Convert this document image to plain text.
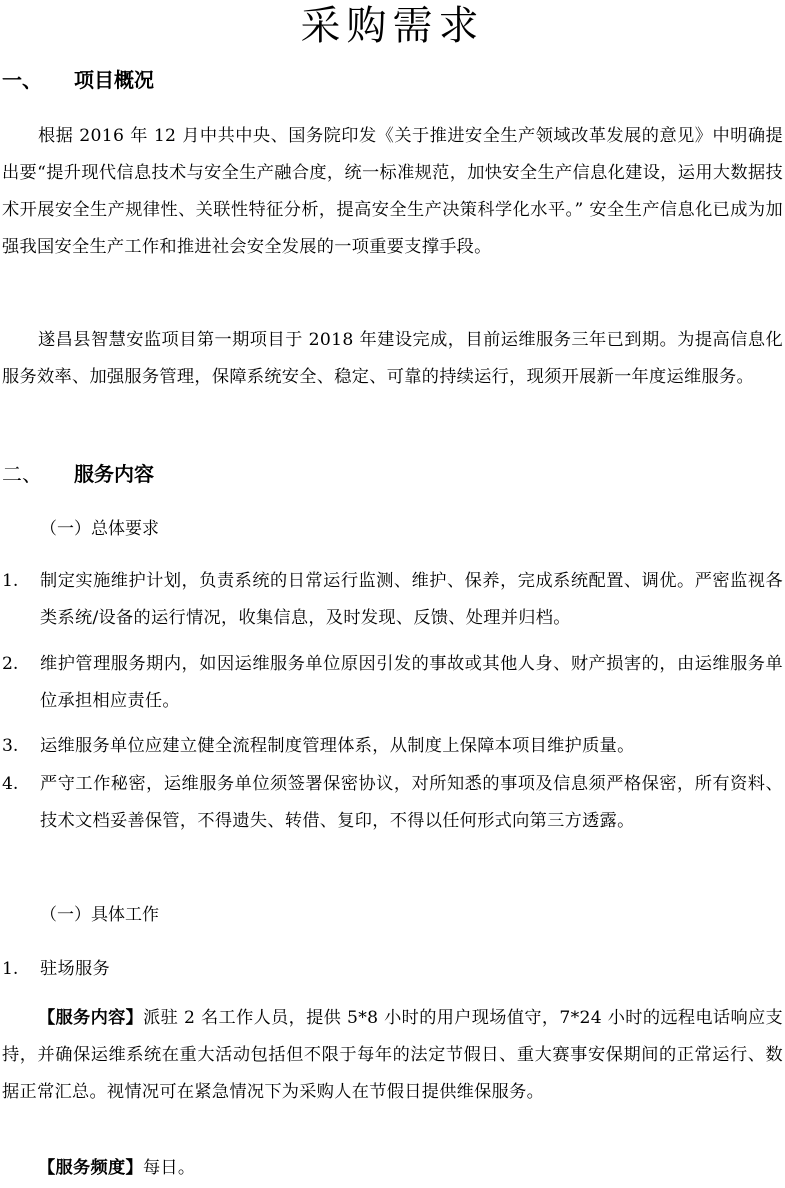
采购需求
一、 项目概况
根据 2016 年 12 月中共中央、国务院印发《关于推进安全生产领域改革发展的意见》中明确提出要“提升现代信息技术与安全生产融合度，统一标准规范，加快安全生产信息化建设，运用大数据技术开展安全生产规律性、关联性特征分析，提高安全生产决策科学化水平。” 安全生产信息化已成为加强我国安全生产工作和推进社会安全发展的一项重要支撑手段。
遂昌县智慧安监项目第一期项目于 2018 年建设完成，目前运维服务三年已到期。为提高信息化服务效率、加强服务管理，保障系统安全、稳定、可靠的持续运行，现须开展新一年度运维服务。
二、 服务内容
（一）总体要求
1.	制定实施维护计划，负责系统的日常运行监测、维护、保养，完成系统配置、调优。严密监视各类系统/设备的运行情况，收集信息，及时发现、反馈、处理并归档。
2.	维护管理服务期内，如因运维服务单位原因引发的事故或其他人身、财产损害的，由运维服务单位承担相应责任。
3.	运维服务单位应建立健全流程制度管理体系，从制度上保障本项目维护质量。
4.	严守工作秘密，运维服务单位须签署保密协议，对所知悉的事项及信息须严格保密，所有资料、技术文档妥善保管，不得遗失、转借、复印，不得以任何形式向第三方透露。
（一）具体工作
1.	驻场服务
【服务内容】派驻 2 名工作人员，提供 5*8 小时的用户现场值守，7*24 小时的远程电话响应支持，并确保运维系统在重大活动包括但不限于每年的法定节假日、重大赛事安保期间的正常运行、数据正常汇总。视情况可在紧急情况下为采购人在节假日提供维保服务。
【服务频度】每日。
